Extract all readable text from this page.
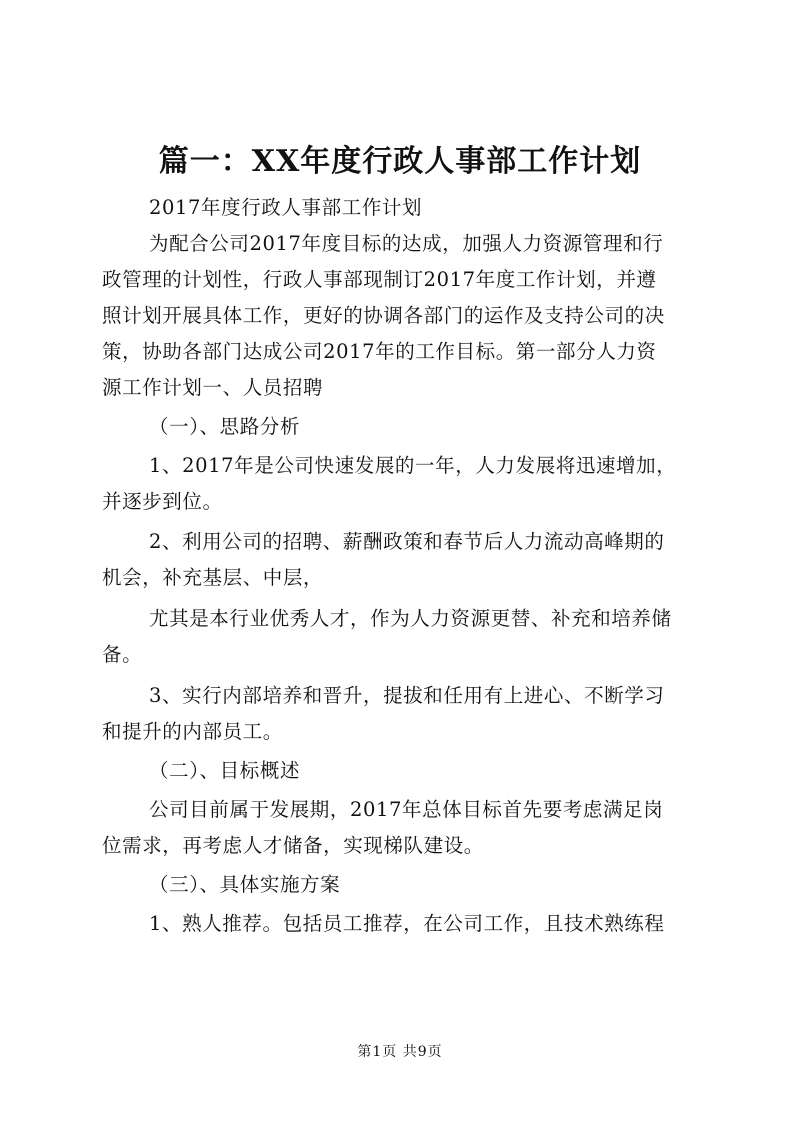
篇一：XX年度行政人事部工作计划
2017年度行政人事部工作计划
为配合公司2017年度目标的达成，加强人力资源管理和行
政管理的计划性，行政人事部现制订2017年度工作计划，并遵
照计划开展具体工作，更好的协调各部门的运作及支持公司的决
策，协助各部门达成公司2017年的工作目标。第一部分人力资
源工作计划一、人员招聘
（一）、思路分析
1、2017年是公司快速发展的一年，人力发展将迅速增加，
并逐步到位。
2、利用公司的招聘、薪酬政策和春节后人力流动高峰期的
机会，补充基层、中层，
尤其是本行业优秀人才，作为人力资源更替、补充和培养储
备。
3、实行内部培养和晋升，提拔和任用有上进心、不断学习
和提升的内部员工。
（二）、目标概述
公司目前属于发展期，2017年总体目标首先要考虑满足岗
位需求，再考虑人才储备，实现梯队建设。
（三）、具体实施方案
1、熟人推荐。包括员工推荐，在公司工作，且技术熟练程
第1页 共9页
